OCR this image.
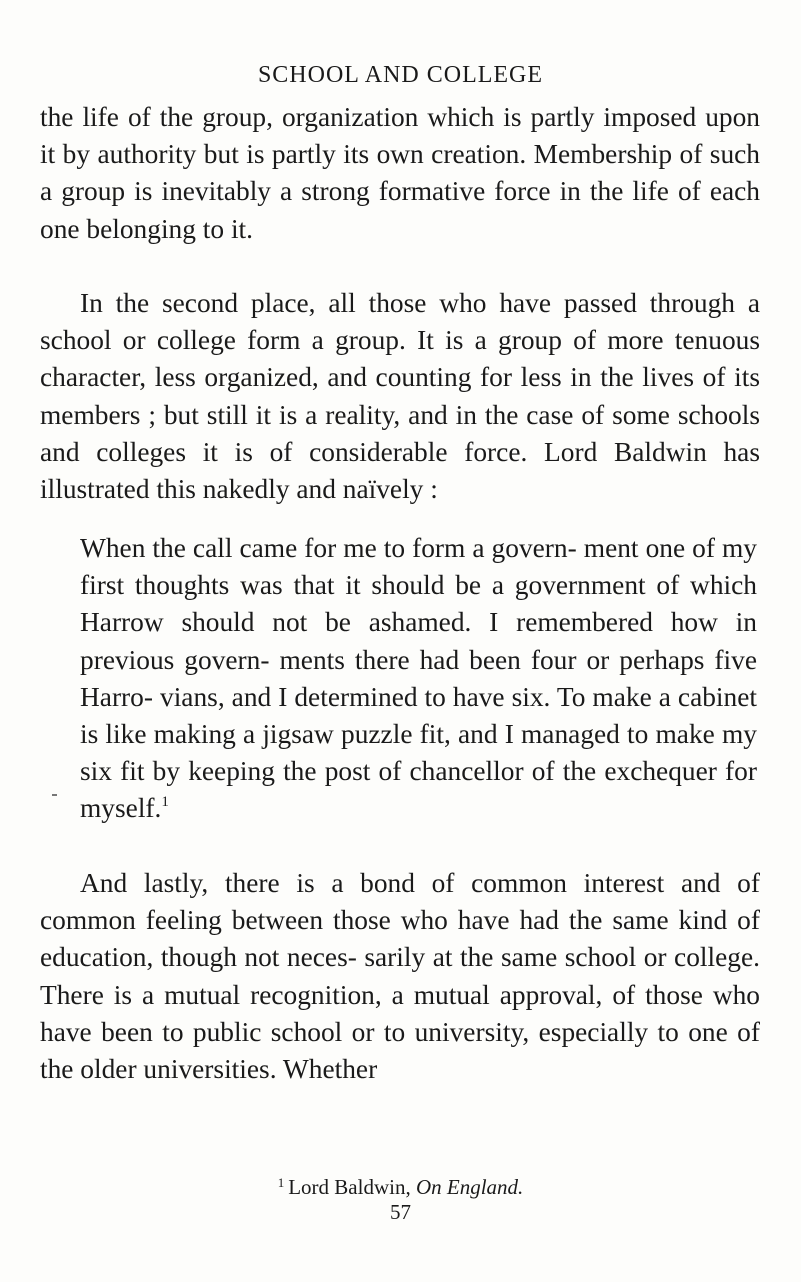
SCHOOL AND COLLEGE

the life of the group, organization which is partly imposed upon it by authority but is partly its own creation. Membership of such a group is inevitably a strong formative force in the life of each one belonging to it.

In the second place, all those who have passed through a school or college form a group. It is a group of more tenuous character, less organized, and counting for less in the lives of its members ; but still it is a reality, and in the case of some schools and colleges it is of considerable force. Lord Baldwin has illustrated this nakedly and naïvely :

When the call came for me to form a govern- ment one of my first thoughts was that it should be a government of which Harrow should not be ashamed. I remembered how in previous govern- ments there had been four or perhaps five Harro- vians, and I determined to have six. To make a cabinet is like making a jigsaw puzzle fit, and I managed to make my six fit by keeping the post of chancellor of the exchequer for myself.$^1$

And lastly, there is a bond of common interest and of common feeling between those who have had the same kind of education, though not neces- sarily at the same school or college. There is a mutual recognition, a mutual approval, of those who have been to public school or to university, especially to one of the older universities. Whether

$^1$ Lord Baldwin, On England.
57
